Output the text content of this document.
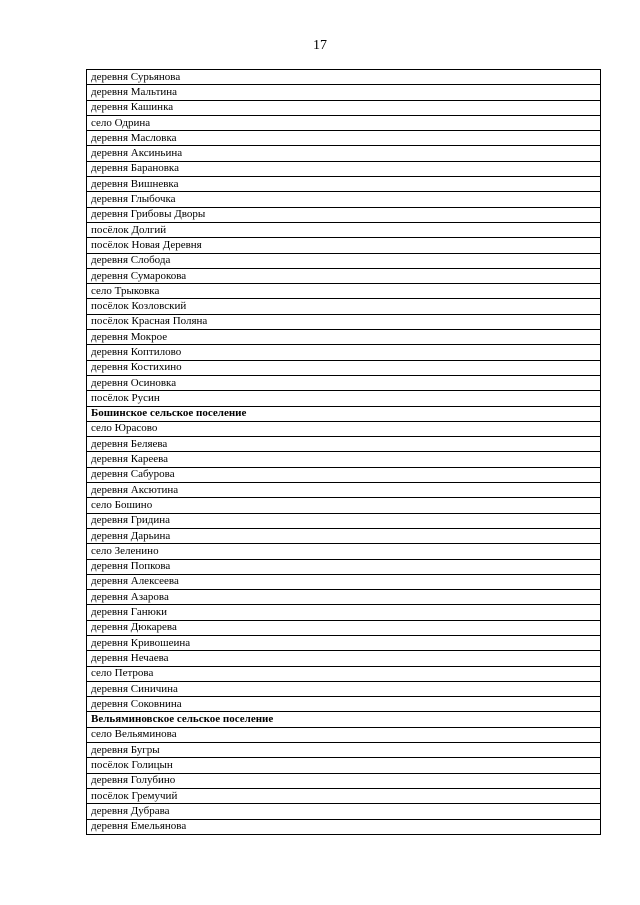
17
деревня Сурьянова
деревня Мальтина
деревня Кашинка
село Одрина
деревня Масловка
деревня Аксиньина
деревня Барановка
деревня Вишневка
деревня Глыбочка
деревня Грибовы Дворы
посёлок Долгий
посёлок Новая Деревня
деревня Слобода
деревня Сумарокова
село Трыковка
посёлок Козловский
посёлок Красная Поляна
деревня Мокрое
деревня Коптилово
деревня Костихино
деревня Осиновка
посёлок Русин
Бошинское сельское поселение
село Юрасово
деревня Беляева
деревня Кареева
деревня Сабурова
деревня Аксютина
село Бошино
деревня Гридина
деревня Дарьина
село Зеленино
деревня Попкова
деревня Алексеева
деревня Азарова
деревня Ганюки
деревня Дюкарева
деревня Кривошеина
деревня Нечаева
село Петрова
деревня Синичина
деревня Соковнина
Вельяминовское сельское поселение
село Вельяминова
деревня Бугры
посёлок Голицын
деревня Голубино
посёлок Гремучий
деревня Дубрава
деревня Емельянова
